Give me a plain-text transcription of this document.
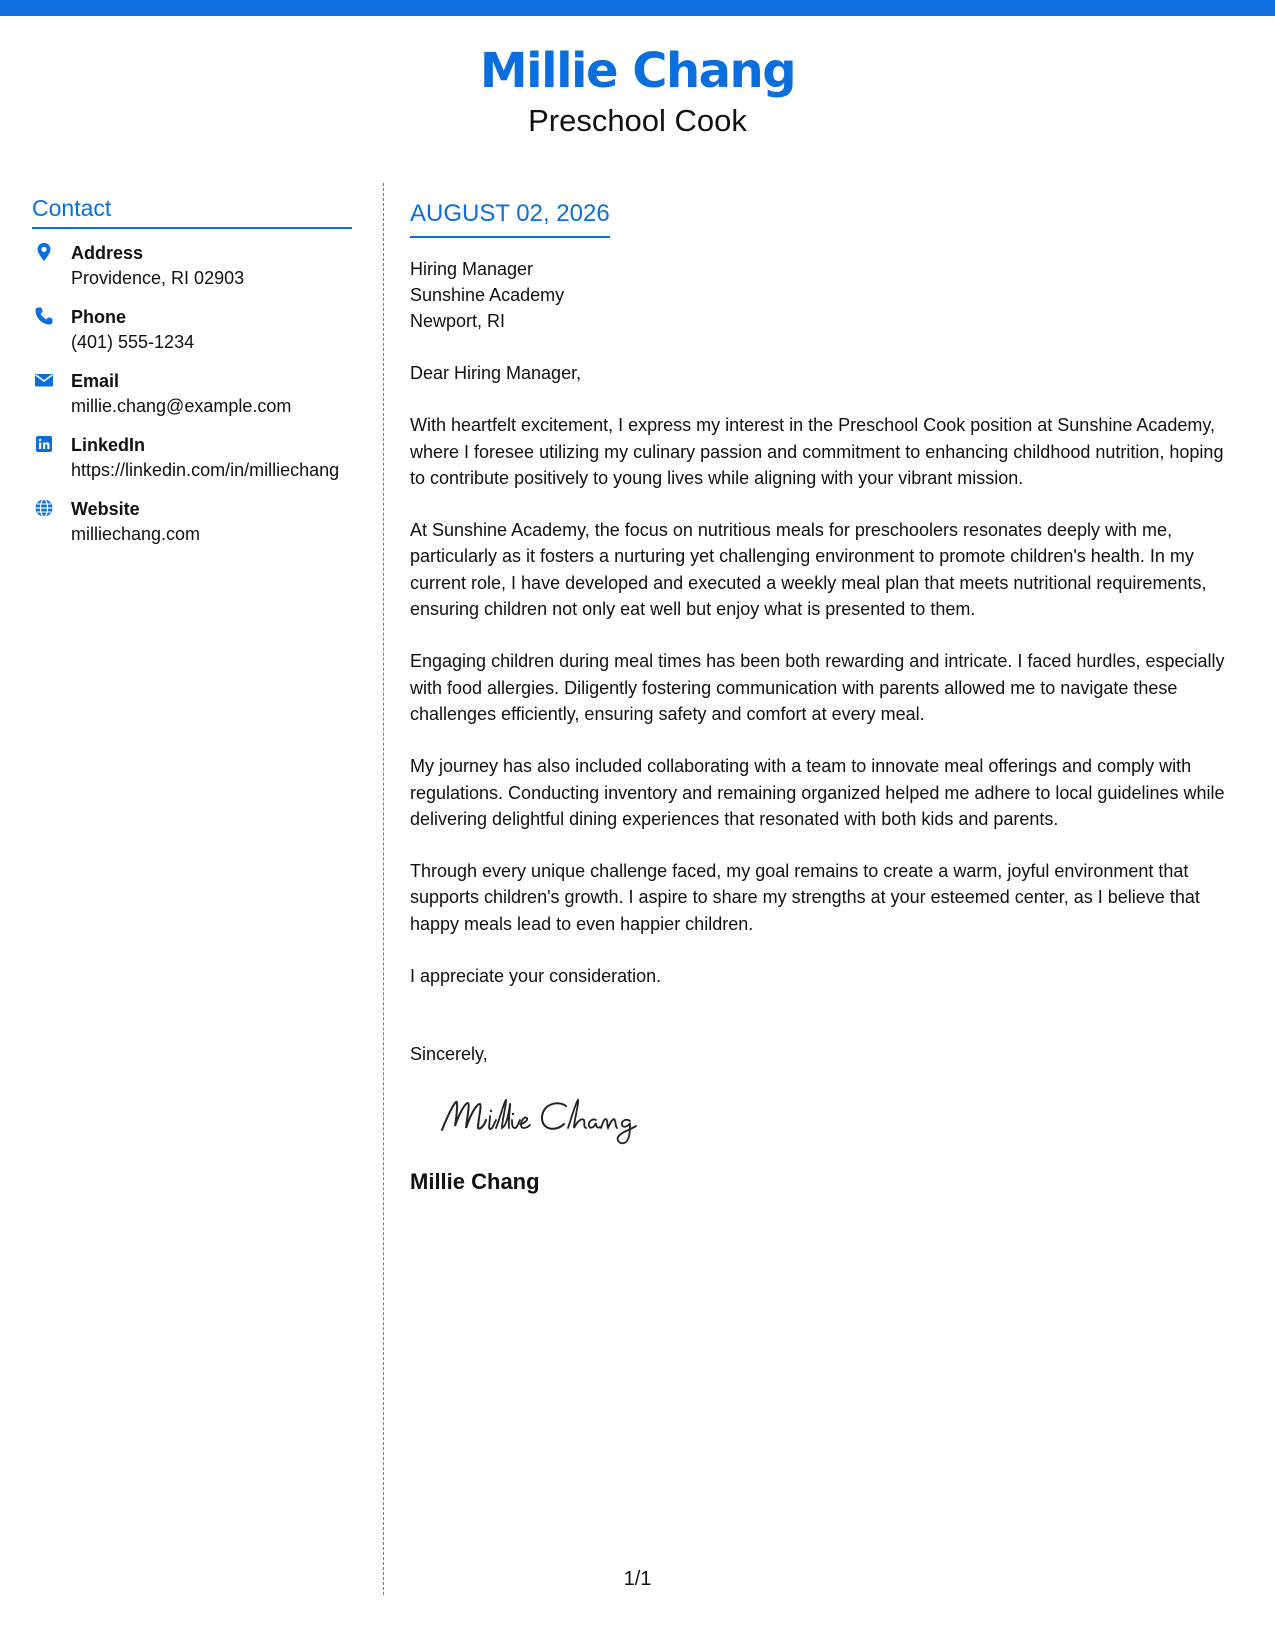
Millie Chang
Preschool Cook
Contact
Address
Providence, RI 02903
Phone
(401) 555-1234
Email
millie.chang@example.com
LinkedIn
https://linkedin.com/in/milliechang
Website
milliechang.com
AUGUST 02, 2026
Hiring Manager
Sunshine Academy
Newport, RI
Dear Hiring Manager,
With heartfelt excitement, I express my interest in the Preschool Cook position at Sunshine Academy, where I foresee utilizing my culinary passion and commitment to enhancing childhood nutrition, hoping to contribute positively to young lives while aligning with your vibrant mission.
At Sunshine Academy, the focus on nutritious meals for preschoolers resonates deeply with me, particularly as it fosters a nurturing yet challenging environment to promote children's health. In my current role, I have developed and executed a weekly meal plan that meets nutritional requirements, ensuring children not only eat well but enjoy what is presented to them.
Engaging children during meal times has been both rewarding and intricate. I faced hurdles, especially with food allergies. Diligently fostering communication with parents allowed me to navigate these challenges efficiently, ensuring safety and comfort at every meal.
My journey has also included collaborating with a team to innovate meal offerings and comply with regulations. Conducting inventory and remaining organized helped me adhere to local guidelines while delivering delightful dining experiences that resonated with both kids and parents.
Through every unique challenge faced, my goal remains to create a warm, joyful environment that supports children's growth. I aspire to share my strengths at your esteemed center, as I believe that happy meals lead to even happier children.
I appreciate your consideration.
Sincerely,
Millie Chang
1/1
